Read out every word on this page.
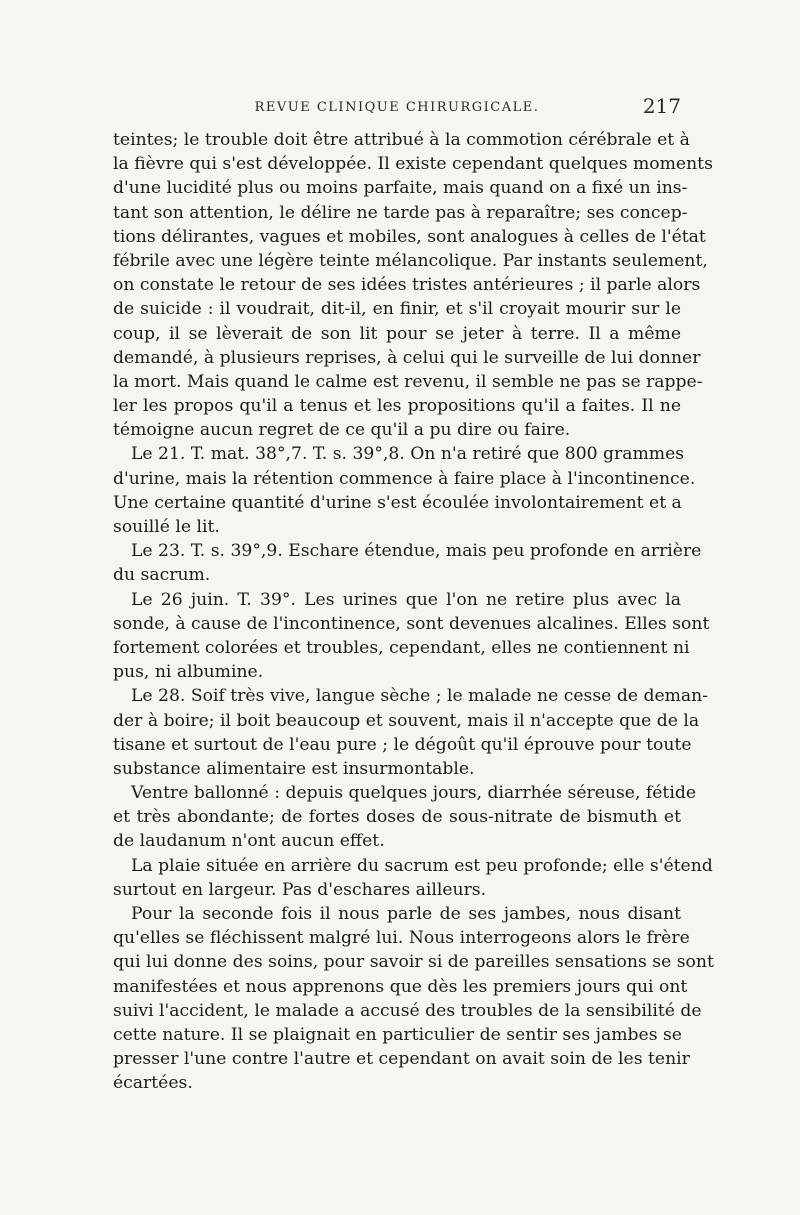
REVUE CLINIQUE CHIRURGICALE.	217
teintes; le trouble doit être attribué à la commotion cérébrale et à
la fièvre qui s'est développée. Il existe cependant quelques moments
d'une lucidité plus ou moins parfaite, mais quand on a fixé un ins-
tant son attention, le délire ne tarde pas à reparaître; ses concep-
tions délirantes, vagues et mobiles, sont analogues à celles de l'état
fébrile avec une légère teinte mélancolique. Par instants seulement,
on constate le retour de ses idées tristes antérieures ; il parle alors
de suicide : il voudrait, dit-il, en finir, et s'il croyait mourir sur le
coup, il se lèverait de son lit pour se jeter à terre. Il a même
demandé, à plusieurs reprises, à celui qui le surveille de lui donner
la mort. Mais quand le calme est revenu, il semble ne pas se rappe-
ler les propos qu'il a tenus et les propositions qu'il a faites. Il ne
témoigne aucun regret de ce qu'il a pu dire ou faire.
Le 21. T. mat. 38°,7. T. s. 39°,8. On n'a retiré que 800 grammes
d'urine, mais la rétention commence à faire place à l'incontinence.
Une certaine quantité d'urine s'est écoulée involontairement et a
souillé le lit.
Le 23. T. s. 39°,9. Eschare étendue, mais peu profonde en arrière
du sacrum.
Le 26 juin. T. 39°. Les urines que l'on ne retire plus avec la
sonde, à cause de l'incontinence, sont devenues alcalines. Elles sont
fortement colorées et troubles, cependant, elles ne contiennent ni
pus, ni albumine.
Le 28. Soif très vive, langue sèche ; le malade ne cesse de deman-
der à boire; il boit beaucoup et souvent, mais il n'accepte que de la
tisane et surtout de l'eau pure ; le dégoût qu'il éprouve pour toute
substance alimentaire est insurmontable.
Ventre ballonné : depuis quelques jours, diarrhée séreuse, fétide
et très abondante; de fortes doses de sous-nitrate de bismuth et
de laudanum n'ont aucun effet.
La plaie située en arrière du sacrum est peu profonde; elle s'étend
surtout en largeur. Pas d'eschares ailleurs.
Pour la seconde fois il nous parle de ses jambes, nous disant
qu'elles se fléchissent malgré lui. Nous interrogeons alors le frère
qui lui donne des soins, pour savoir si de pareilles sensations se sont
manifestées et nous apprenons que dès les premiers jours qui ont
suivi l'accident, le malade a accusé des troubles de la sensibilité de
cette nature. Il se plaignait en particulier de sentir ses jambes se
presser l'une contre l'autre et cependant on avait soin de les tenir
écartées.
